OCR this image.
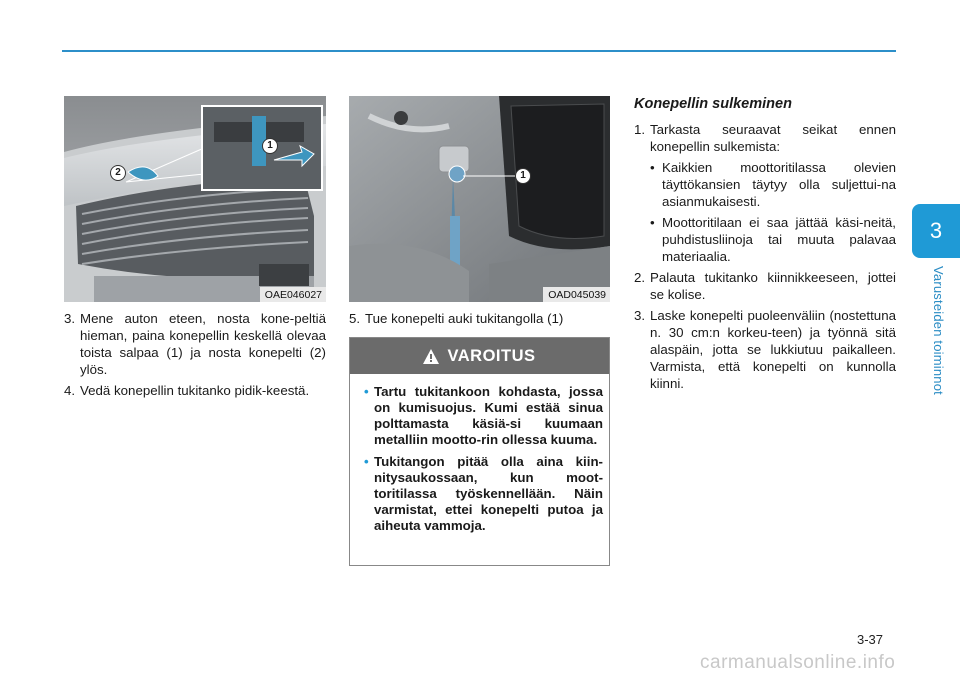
3
Varusteiden toiminnot
1
2
OAE046027
1
OAD045039
3. Mene auton eteen, nosta kone-peltiä hieman, paina konepellin keskellä olevaa toista salpaa (1) ja nosta konepelti (2) ylös.
4. Vedä konepellin tukitanko pidik-keestä.
5. Tue konepelti auki tukitangolla (1)
VAROITUS
• Tartu tukitankoon kohdasta, jossa on kumisuojus. Kumi estää sinua polttamasta käsiä-si kuumaan metalliin mootto-rin ollessa kuuma.
• Tukitangon pitää olla aina kiin-nitysaukossaan, kun moot-toritilassa työskennellään. Näin varmistat, ettei konepelti putoa ja aiheuta vammoja.
Konepellin sulkeminen
1. Tarkasta seuraavat seikat ennen konepellin sulkemista:
• Kaikkien moottoritilassa olevien täyttökansien täytyy olla suljettui-na asianmukaisesti.
• Moottoritilaan ei saa jättää käsi-neitä, puhdistusliinoja tai muuta palavaa materiaalia.
2. Palauta tukitanko kiinnikkeeseen, jottei se kolise.
3. Laske konepelti puoleenväliin (nostettuna n. 30 cm:n korkeu-teen) ja työnnä sitä alaspäin, jotta se lukkiutuu paikalleen. Varmista, että konepelti on kunnolla kiinni.
3-37
carmanualsonline.info
